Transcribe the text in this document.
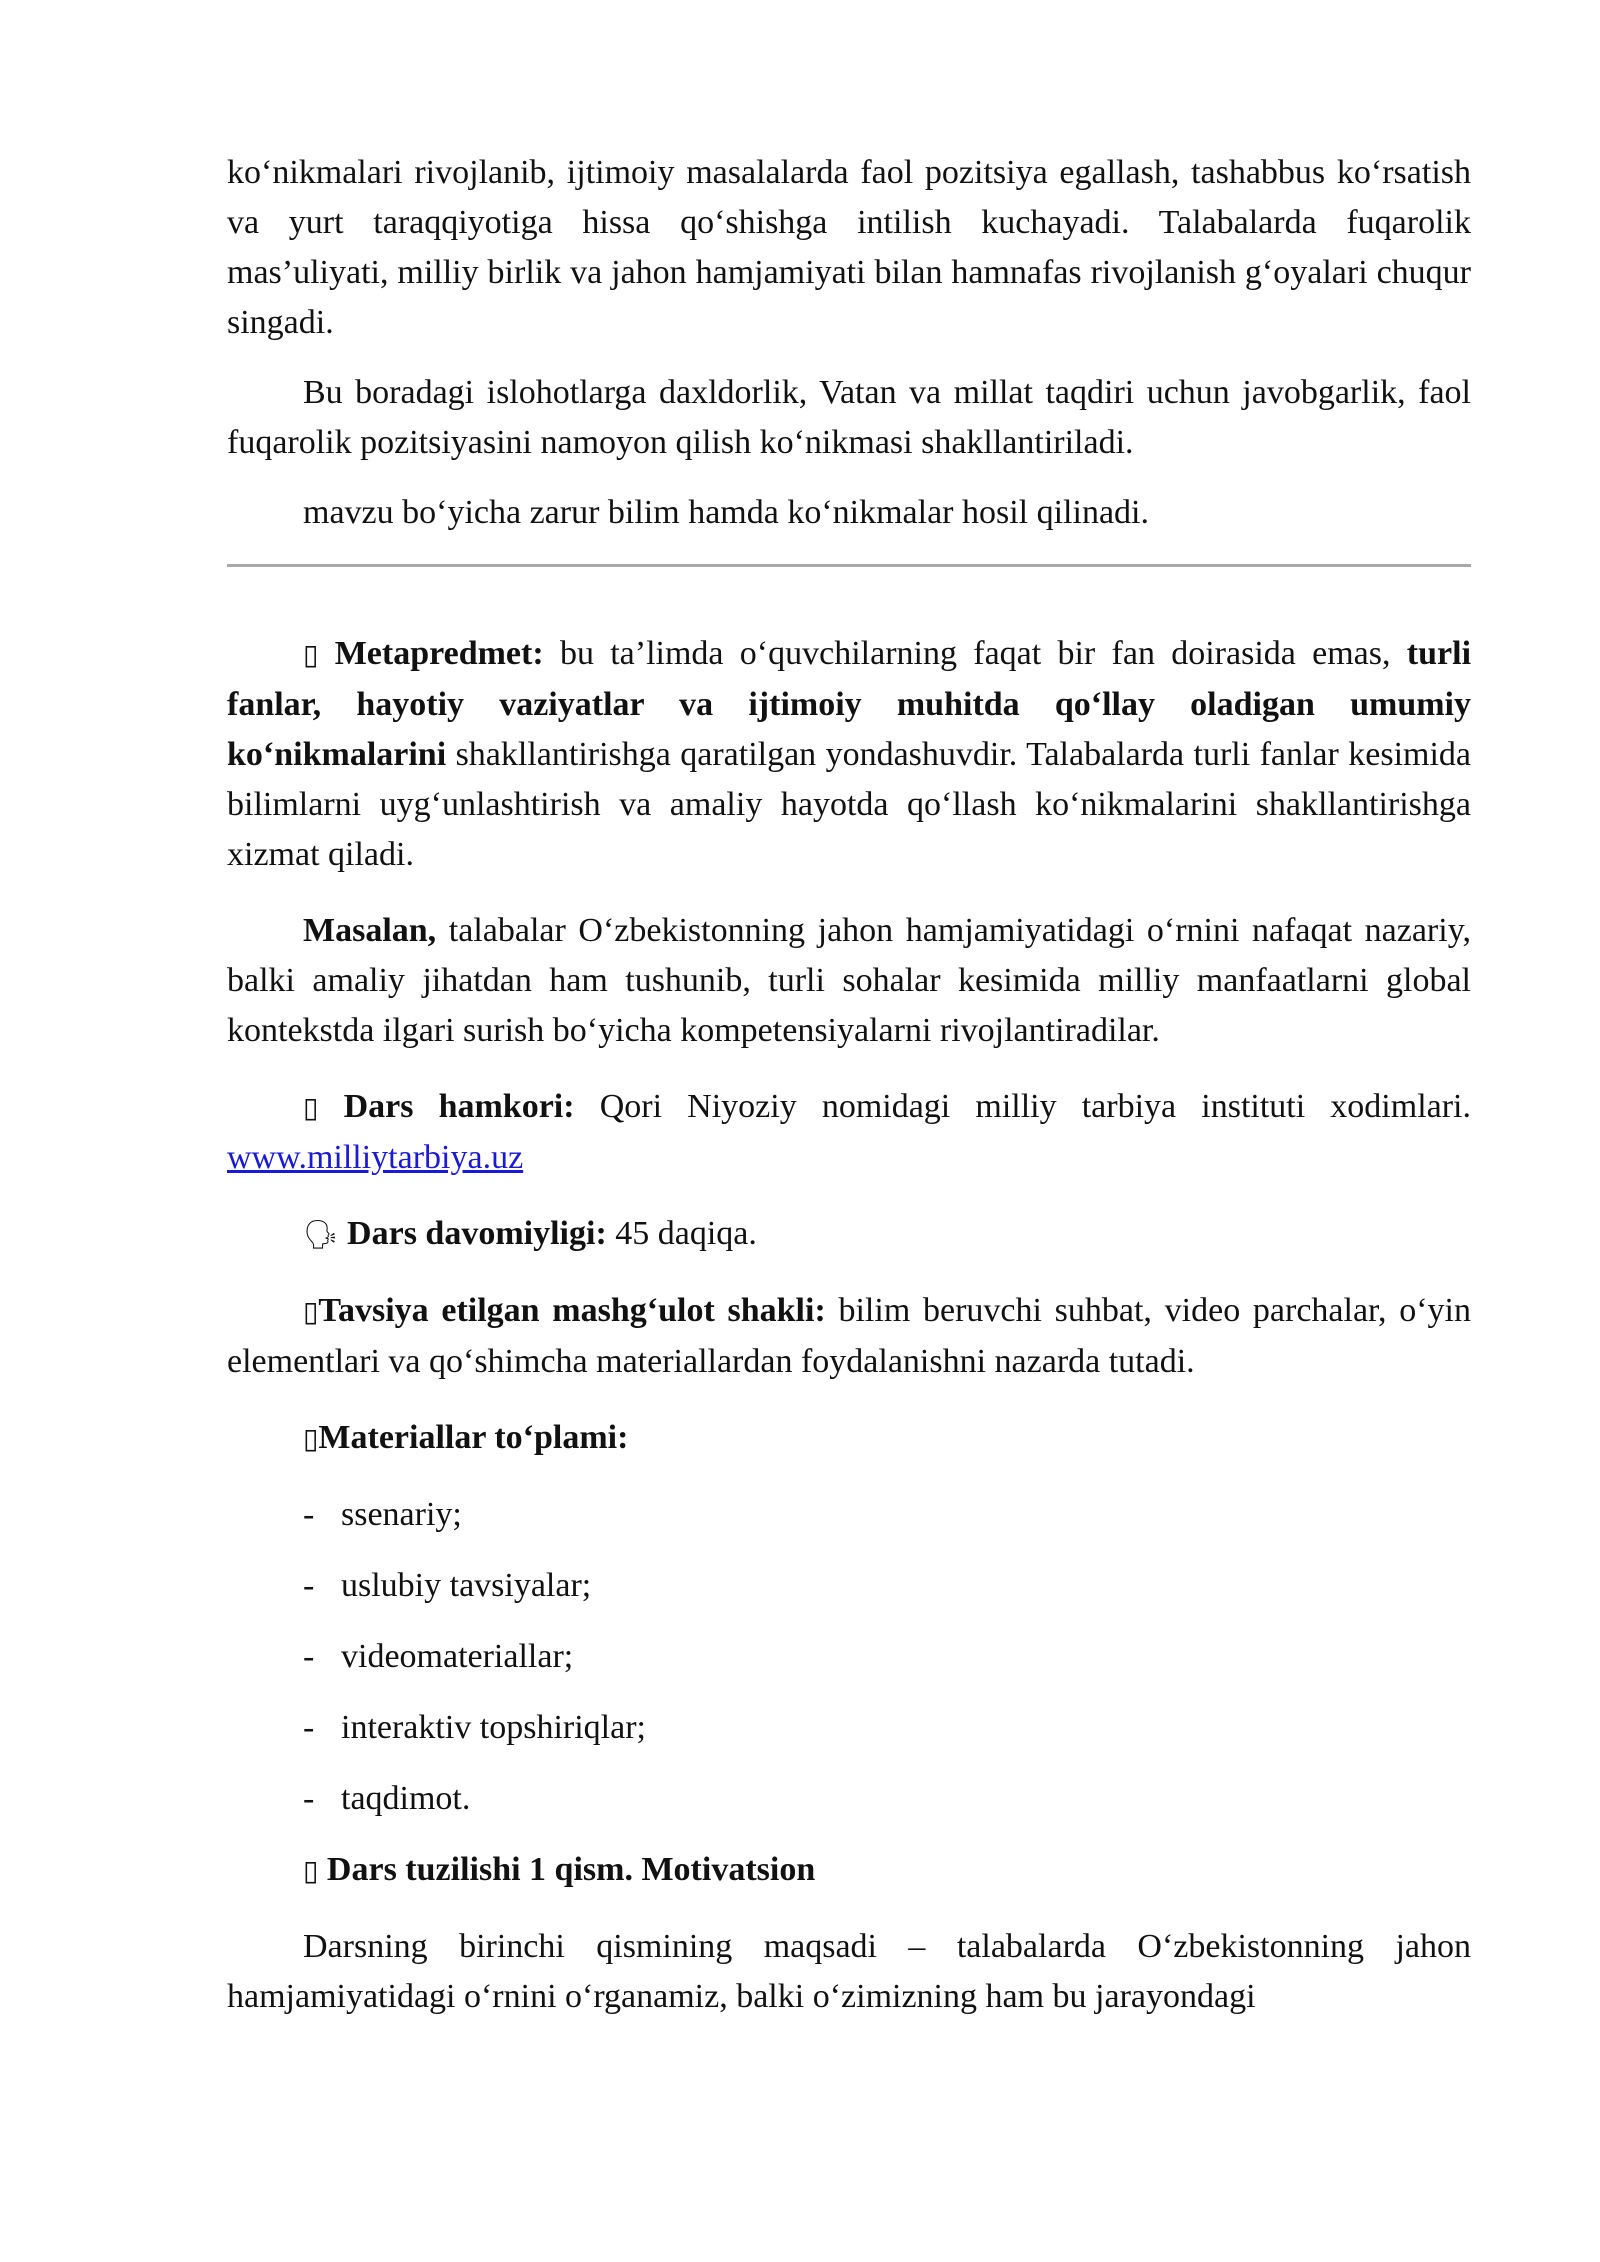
ko‘nikmalari rivojlanib, ijtimoiy masalalarda faol pozitsiya egallash, tashabbus ko‘rsatish va yurt taraqqiyotiga hissa qo‘shishga intilish kuchayadi. Talabalarda fuqarolik mas’uliyati, milliy birlik va jahon hamjamiyati bilan hamnafas rivojlanish g‘oyalari chuqur singadi.

Bu boradagi islohotlarga daxldorlik, Vatan va millat taqdiri uchun javobgarlik, faol fuqarolik pozitsiyasini namoyon qilish ko‘nikmasi shakllantiriladi.

mavzu bo‘yicha zarur bilim hamda ko‘nikmalar hosil qilinadi.

▯ Metapredmet: bu ta’limda o‘quvchilarning faqat bir fan doirasida emas, turli fanlar, hayotiy vaziyatlar va ijtimoiy muhitda qo‘llay oladigan umumiy ko‘nikmalarini shakllantirishga qaratilgan yondashuvdir. Talabalarda turli fanlar kesimida bilimlarni uyg‘unlashtirish va amaliy hayotda qo‘llash ko‘nikmalarini shakllantirishga xizmat qiladi.

Masalan, talabalar O‘zbekistonning jahon hamjamiyatidagi o‘rnini nafaqat nazariy, balki amaliy jihatdan ham tushunib, turli sohalar kesimida milliy manfaatlarni global kontekstda ilgari surish bo‘yicha kompetensiyalarni rivojlantiradilar.

▯ Dars hamkori: Qori Niyoziy nomidagi milliy tarbiya instituti xodimlari. www.milliytarbiya.uz

🗣 Dars davomiyligi: 45 daqiqa.

▯Tavsiya etilgan mashg‘ulot shakli: bilim beruvchi suhbat, video parchalar, o‘yin elementlari va qo‘shimcha materiallardan foydalanishni nazarda tutadi.

▯Materiallar to‘plami:

- ssenariy;
- uslubiy tavsiyalar;
- videomateriallar;
- interaktiv topshiriqlar;
- taqdimot.

▯ Dars tuzilishi 1 qism. Motivatsion

Darsning birinchi qismining maqsadi – talabalarda O‘zbekistonning jahon hamjamiyatidagi o‘rnini o‘rganamiz, balki o‘zimizning ham bu jarayondagi
